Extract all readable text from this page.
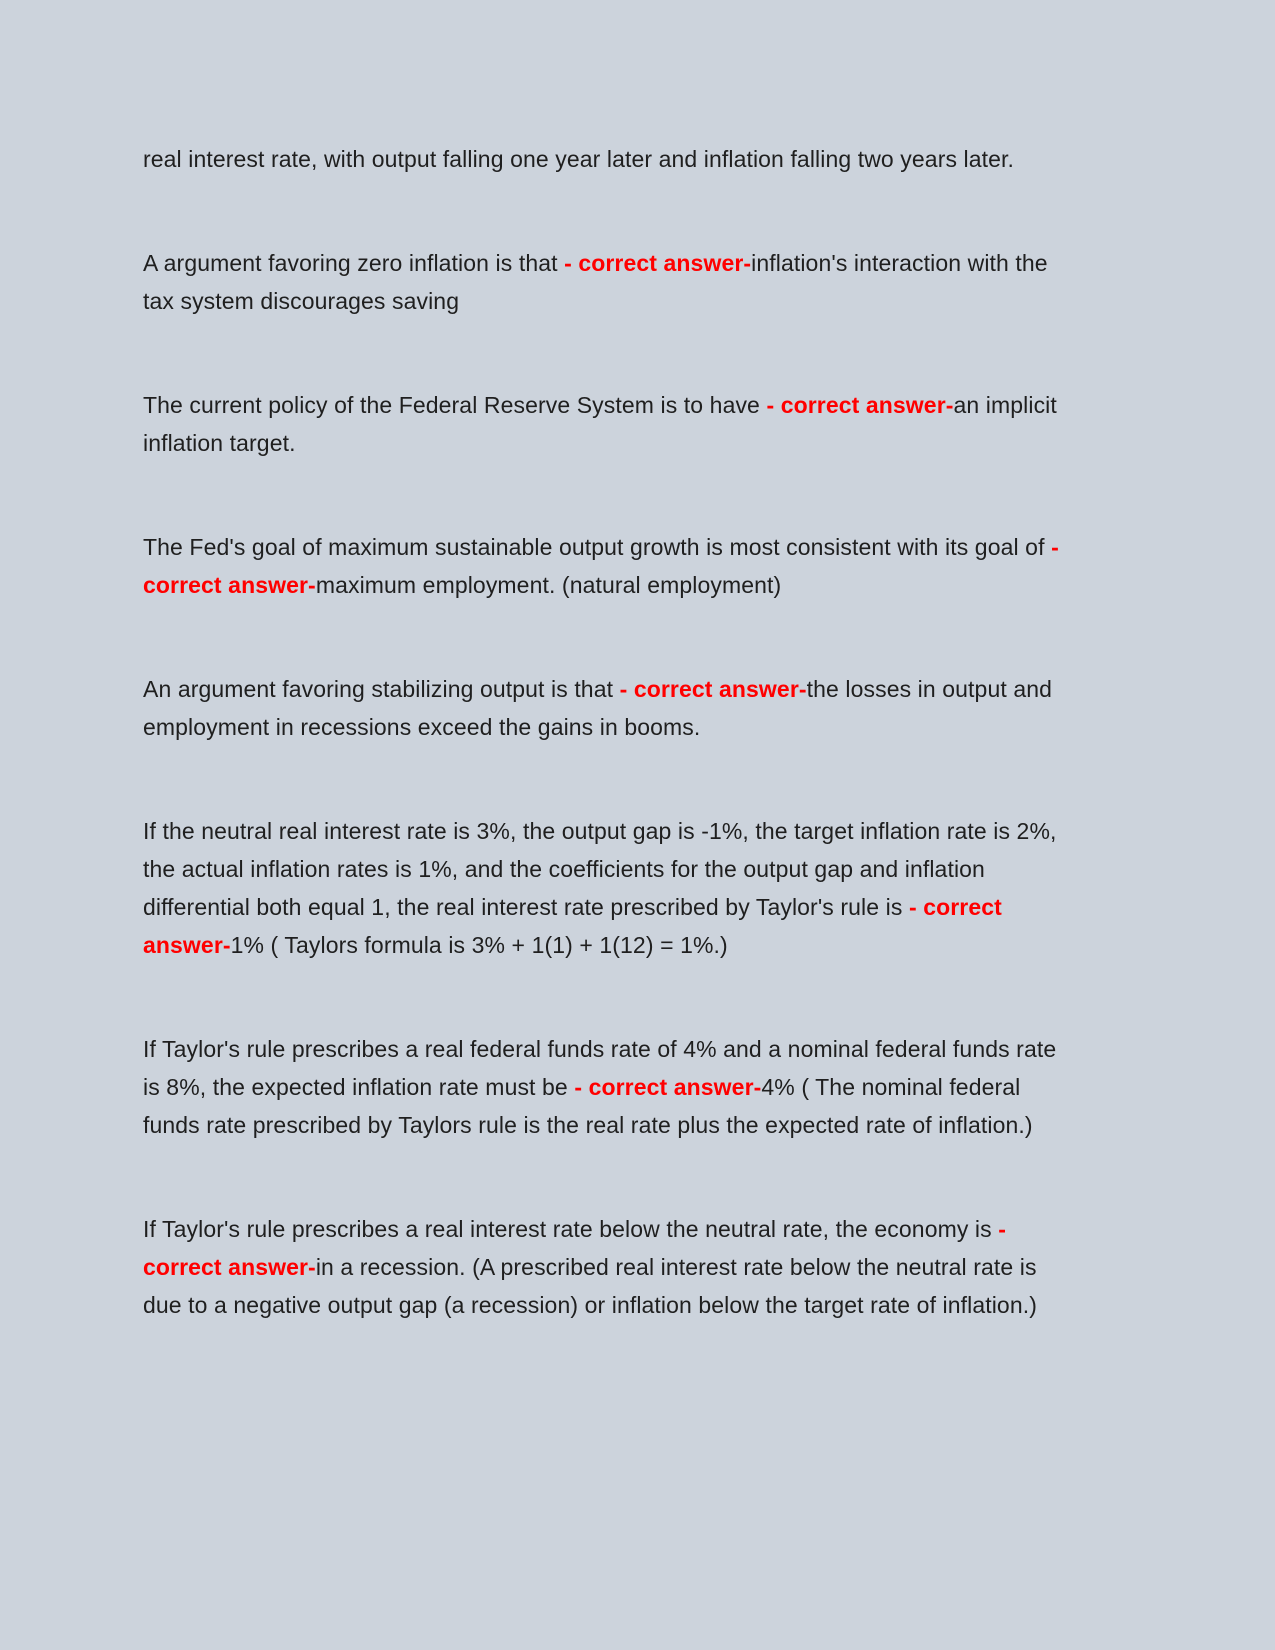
real interest rate, with output falling one year later and inflation falling two years later.

A argument favoring zero inflation is that - correct answer-inflation's interaction with the tax system discourages saving

The current policy of the Federal Reserve System is to have - correct answer-an implicit inflation target.

The Fed's goal of maximum sustainable output growth is most consistent with its goal of - correct answer-maximum employment. (natural employment)

An argument favoring stabilizing output is that - correct answer-the losses in output and employment in recessions exceed the gains in booms.

If the neutral real interest rate is 3%, the output gap is -1%, the target inflation rate is 2%, the actual inflation rates is 1%, and the coefficients for the output gap and inflation differential both equal 1, the real interest rate prescribed by Taylor's rule is - correct answer-1% ( Taylors formula is 3% + 1(1) + 1(12) = 1%.)

If Taylor's rule prescribes a real federal funds rate of 4% and a nominal federal funds rate is 8%, the expected inflation rate must be - correct answer-4% ( The nominal federal funds rate prescribed by Taylors rule is the real rate plus the expected rate of inflation.)

If Taylor's rule prescribes a real interest rate below the neutral rate, the economy is - correct answer-in a recession. (A prescribed real interest rate below the neutral rate is due to a negative output gap (a recession) or inflation below the target rate of inflation.)
